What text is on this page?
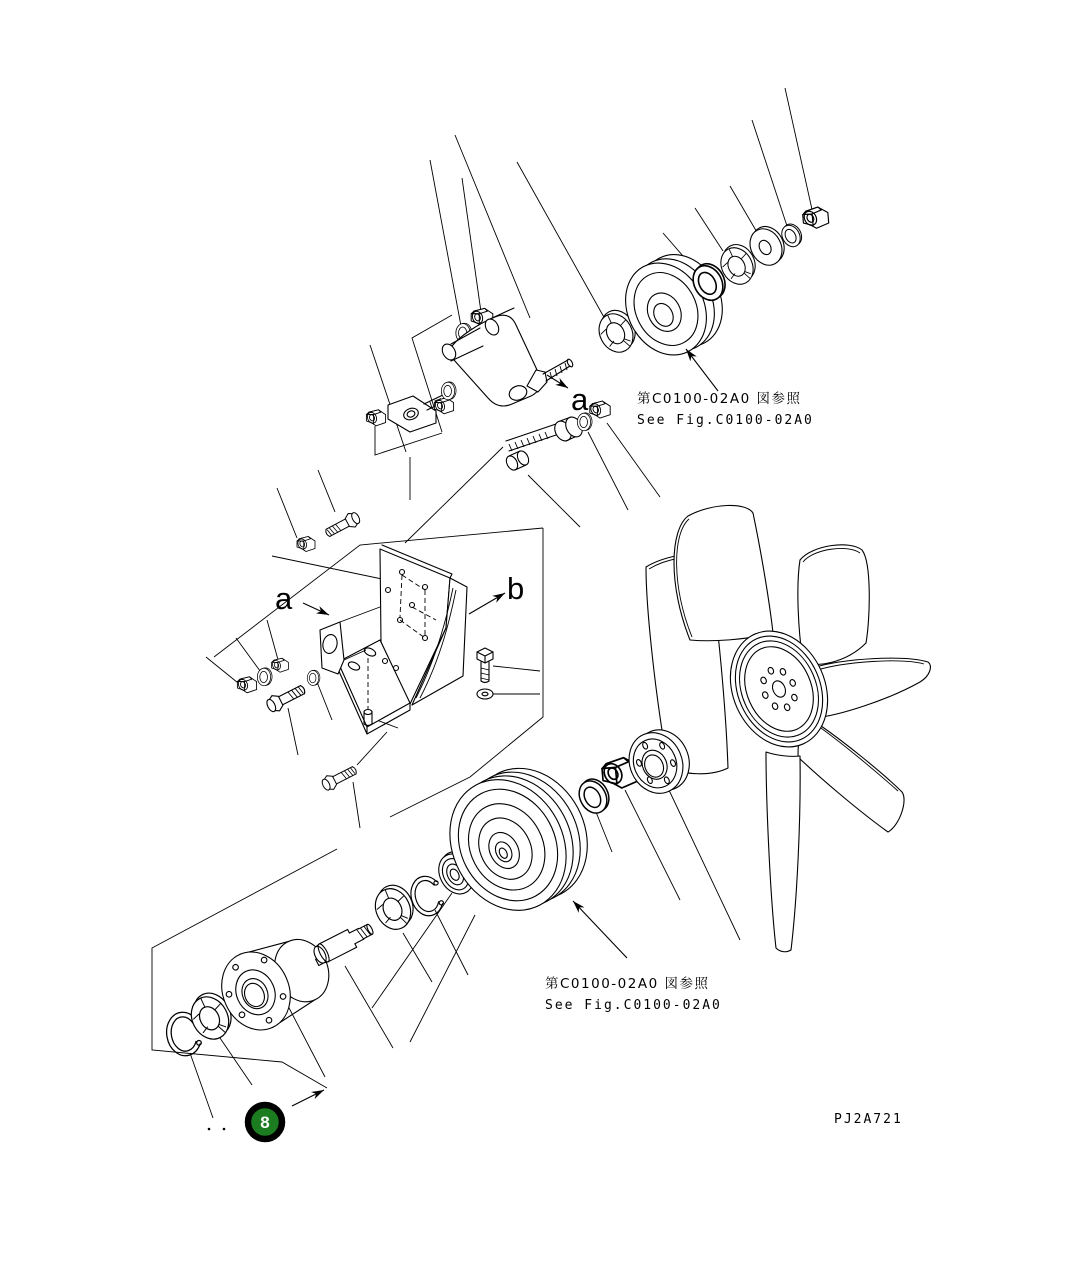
a
a	b
第C0100-02A0 図参照
See Fig.C0100-02A0
第C0100-02A0 図参照
See Fig.C0100-02A0
PJ2A721
8
